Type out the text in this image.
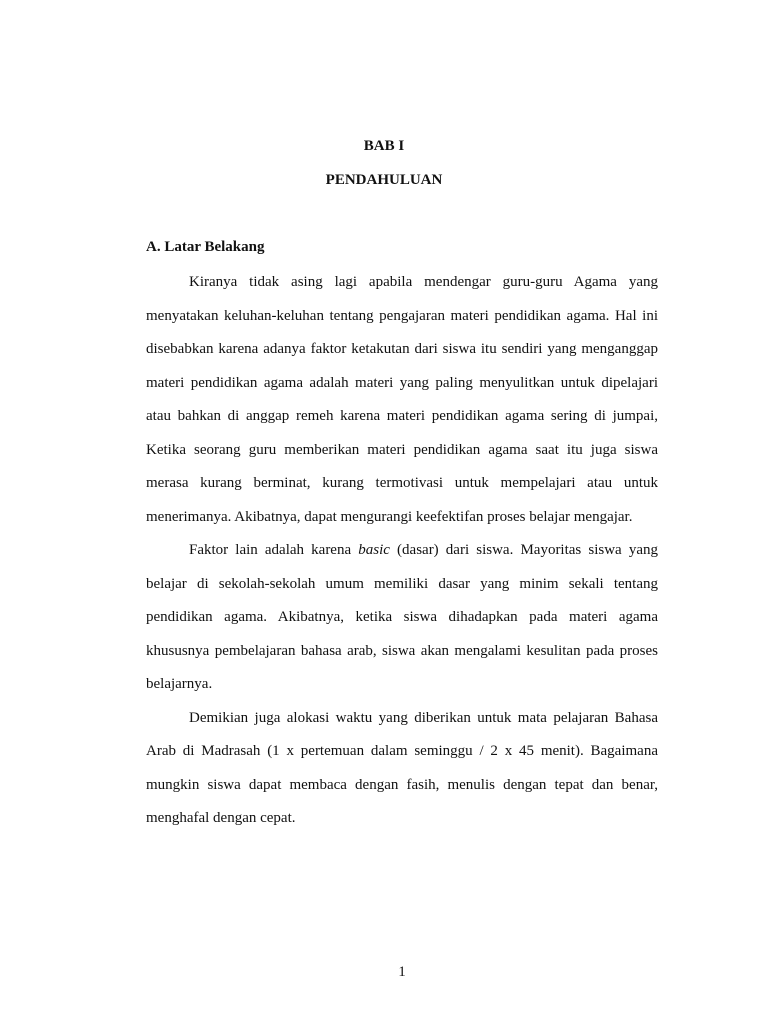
BAB I
PENDAHULUAN
A. Latar Belakang

Kiranya tidak asing lagi apabila mendengar guru-guru Agama yang menyatakan keluhan-keluhan tentang pengajaran materi pendidikan agama. Hal ini disebabkan karena adanya faktor ketakutan dari siswa itu sendiri yang menganggap materi pendidikan agama adalah materi yang paling menyulitkan untuk dipelajari atau bahkan di anggap remeh karena materi pendidikan agama sering di jumpai, Ketika seorang guru memberikan materi pendidikan agama saat itu juga siswa merasa kurang berminat, kurang termotivasi untuk mempelajari atau untuk menerimanya. Akibatnya, dapat mengurangi keefektifan proses belajar mengajar.

Faktor lain adalah karena basic (dasar) dari siswa. Mayoritas siswa yang belajar di sekolah-sekolah umum memiliki dasar yang minim sekali tentang pendidikan agama. Akibatnya, ketika siswa dihadapkan pada materi agama khususnya pembelajaran bahasa arab, siswa akan mengalami kesulitan pada proses belajarnya.

Demikian juga alokasi waktu yang diberikan untuk mata pelajaran Bahasa Arab di Madrasah (1 x pertemuan dalam seminggu / 2 x 45 menit). Bagaimana mungkin siswa dapat membaca dengan fasih, menulis dengan tepat dan benar, menghafal dengan cepat.

1
